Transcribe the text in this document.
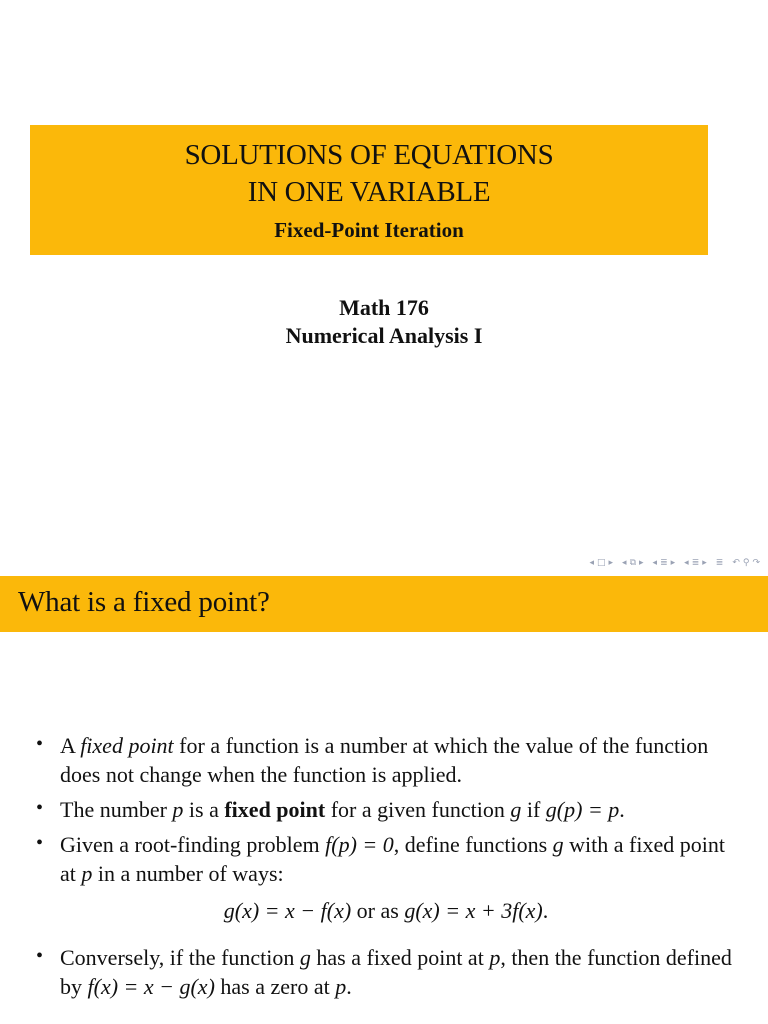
SOLUTIONS OF EQUATIONS
IN ONE VARIABLE
Fixed-Point Iteration
Math 176
Numerical Analysis I
◂ □ ▸ ◂ ⧉ ▸ ◂ ≣ ▸ ◂ ≣ ▸ ≣ ↶ ⚲ ↷
What is a fixed point?
• A fixed point for a function is a number at which the value of the function does not change when the function is applied.
• The number p is a fixed point for a given function g if g(p) = p.
• Given a root-finding problem f(p) = 0, define functions g with a fixed point at p in a number of ways:
g(x) = x − f(x) or as g(x) = x + 3f(x).
• Conversely, if the function g has a fixed point at p, then the function defined by f(x) = x − g(x) has a zero at p.
